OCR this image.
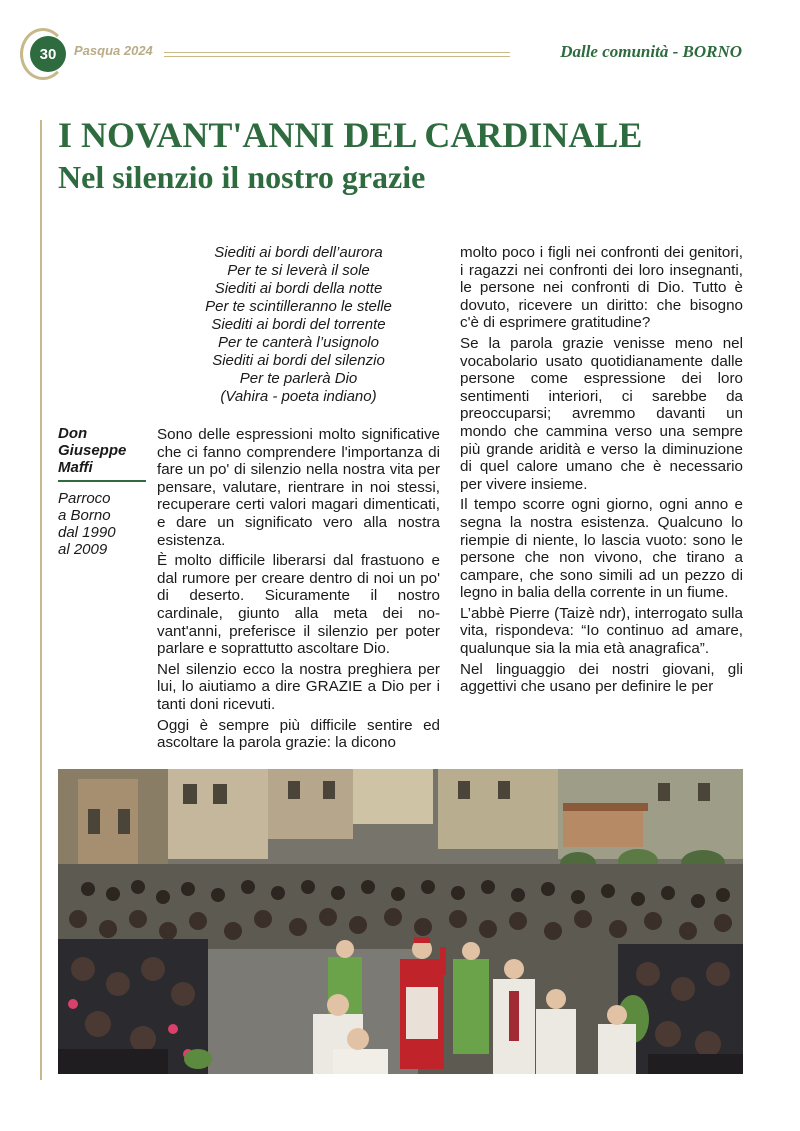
30	Pasqua 2024	Dalle comunità - BORNO
I NOVANT'ANNI DEL CARDINALE
Nel silenzio il nostro grazie
Siediti ai bordi dell’aurora
Per te si leverà il sole
Siediti ai bordi della notte
Per te scintilleranno le stelle
Siediti ai bordi del torrente
Per te canterà l’usignolo
Siediti ai bordi del silenzio
Per te parlerà Dio
(Vahira - poeta indiano)
Don
Giuseppe
Maffi
Parroco
a Borno
dal 1990
al 2009

Sono delle espressioni molto significative che ci fanno comprendere l'importanza di fare un po' di silenzio nella nostra vita per pensare, valutare, rientrare in noi stessi, recuperare certi valori magari dimenticati, e dare un significato vero alla nostra esistenza.

È molto difficile liberarsi dal frastuono e dal rumore per creare dentro di noi un po' di deserto. Sicuramente il nostro cardinale, giunto alla meta dei novant'anni, preferisce il silenzio per poter parlare e soprattutto ascoltare Dio.

Nel silenzio ecco la nostra preghiera per lui, lo aiutiamo a dire GRAZIE a Dio per i tanti doni ricevuti.

Oggi è sempre più difficile sentire ed ascoltare la parola grazie: la dicono

molto poco i figli nei confronti dei genitori, i ragazzi nei confronti dei loro insegnanti, le persone nei confronti di Dio. Tutto è dovuto, ricevere un diritto: che bisogno c'è di esprimere gratitudine?

Se la parola grazie venisse meno nel vocabolario usato quotidianamente dalle persone come espressione dei loro sentimenti interiori, ci sarebbe da preoccuparsi; avremmo davanti un mondo che cammina verso una sempre più grande aridità e verso la diminuzione di quel calore umano che è necessario per vivere insieme.

Il tempo scorre ogni giorno, ogni anno e segna la nostra esistenza. Qualcuno lo riempie di niente, lo lascia vuoto: sono le persone che non vivono, che tirano a campare, che sono simili ad un pezzo di legno in balia della corrente in un fiume.

L’abbè Pierre (Taizè ndr), interrogato sulla vita, rispondeva: “Io continuo ad amare, qualunque sia la mia età anagrafica”.

Nel linguaggio dei nostri giovani, gli aggettivi che usano per definire le per
